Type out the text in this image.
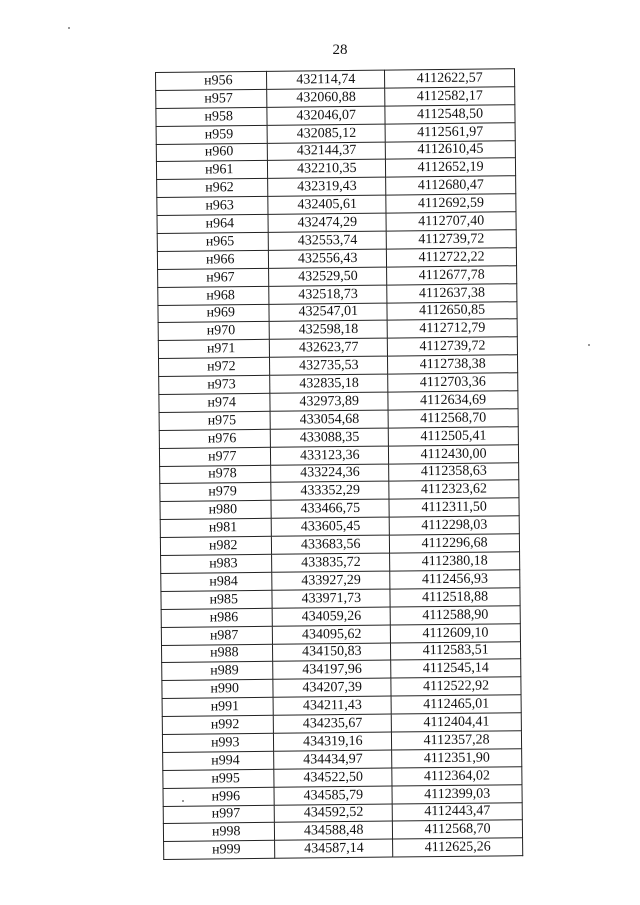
28
н956	432114,74	4112622,57
н957	432060,88	4112582,17
н958	432046,07	4112548,50
н959	432085,12	4112561,97
н960	432144,37	4112610,45
н961	432210,35	4112652,19
н962	432319,43	4112680,47
н963	432405,61	4112692,59
н964	432474,29	4112707,40
н965	432553,74	4112739,72
н966	432556,43	4112722,22
н967	432529,50	4112677,78
н968	432518,73	4112637,38
н969	432547,01	4112650,85
н970	432598,18	4112712,79
н971	432623,77	4112739,72
н972	432735,53	4112738,38
н973	432835,18	4112703,36
н974	432973,89	4112634,69
н975	433054,68	4112568,70
н976	433088,35	4112505,41
н977	433123,36	4112430,00
н978	433224,36	4112358,63
н979	433352,29	4112323,62
н980	433466,75	4112311,50
н981	433605,45	4112298,03
н982	433683,56	4112296,68
н983	433835,72	4112380,18
н984	433927,29	4112456,93
н985	433971,73	4112518,88
н986	434059,26	4112588,90
н987	434095,62	4112609,10
н988	434150,83	4112583,51
н989	434197,96	4112545,14
н990	434207,39	4112522,92
н991	434211,43	4112465,01
н992	434235,67	4112404,41
н993	434319,16	4112357,28
н994	434434,97	4112351,90
н995	434522,50	4112364,02
н996	434585,79	4112399,03
н997	434592,52	4112443,47
н998	434588,48	4112568,70
н999	434587,14	4112625,26
